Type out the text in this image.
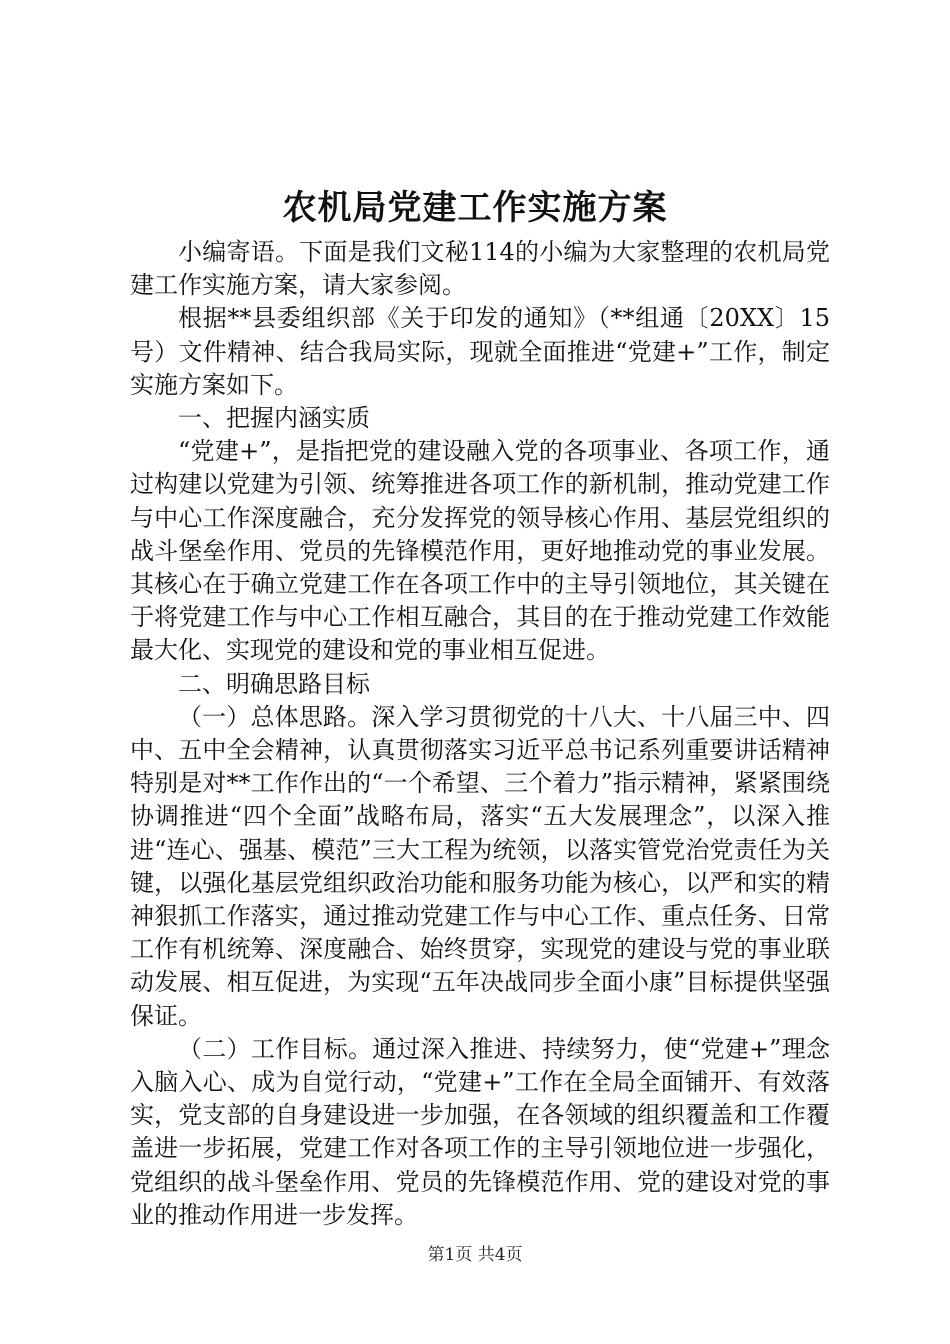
农机局党建工作实施方案

小编寄语。下面是我们文秘114的小编为大家整理的农机局党建工作实施方案，请大家参阅。

根据**县委组织部《关于印发的通知》（**组通〔20XX〕15号）文件精神、结合我局实际，现就全面推进“党建+”工作，制定实施方案如下。

一、把握内涵实质

“党建+”，是指把党的建设融入党的各项事业、各项工作，通过构建以党建为引领、统筹推进各项工作的新机制，推动党建工作与中心工作深度融合，充分发挥党的领导核心作用、基层党组织的战斗堡垒作用、党员的先锋模范作用，更好地推动党的事业发展。其核心在于确立党建工作在各项工作中的主导引领地位，其关键在于将党建工作与中心工作相互融合，其目的在于推动党建工作效能最大化、实现党的建设和党的事业相互促进。

二、明确思路目标

（一）总体思路。深入学习贯彻党的十八大、十八届三中、四中、五中全会精神，认真贯彻落实习近平总书记系列重要讲话精神特别是对**工作作出的“一个希望、三个着力”指示精神，紧紧围绕协调推进“四个全面”战略布局，落实“五大发展理念”，以深入推进“连心、强基、模范”三大工程为统领，以落实管党治党责任为关键，以强化基层党组织政治功能和服务功能为核心，以严和实的精神狠抓工作落实，通过推动党建工作与中心工作、重点任务、日常工作有机统筹、深度融合、始终贯穿，实现党的建设与党的事业联动发展、相互促进，为实现“五年决战同步全面小康”目标提供坚强保证。

（二）工作目标。通过深入推进、持续努力，使“党建+”理念入脑入心、成为自觉行动，“党建+”工作在全局全面铺开、有效落实，党支部的自身建设进一步加强，在各领域的组织覆盖和工作覆盖进一步拓展，党建工作对各项工作的主导引领地位进一步强化，党组织的战斗堡垒作用、党员的先锋模范作用、党的建设对党的事业的推动作用进一步发挥。

第1页 共4页
